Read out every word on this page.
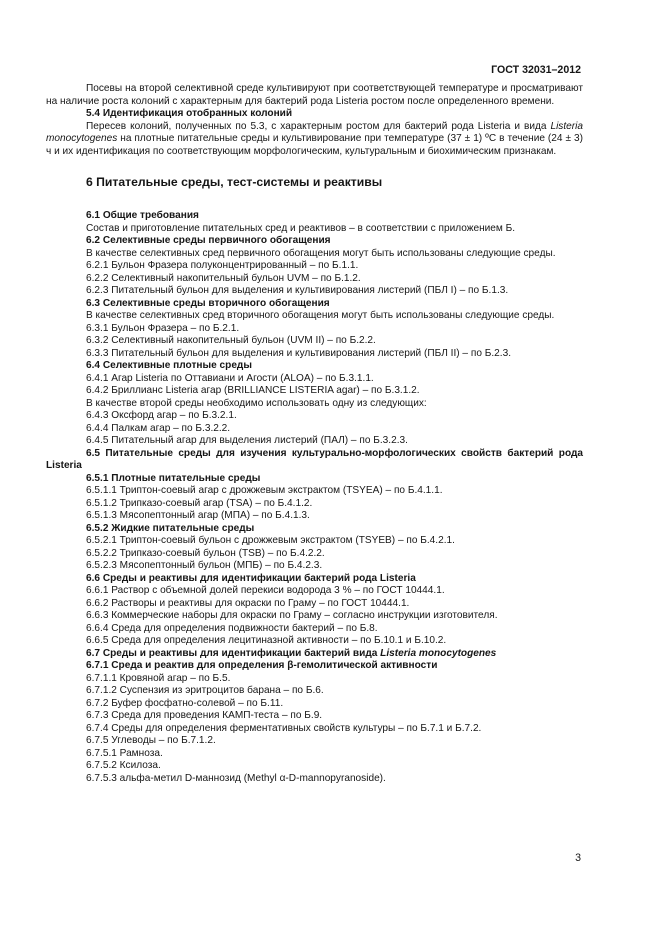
ГОСТ 32031–2012

Посевы на второй селективной среде культивируют при соответствующей температуре и просматривают на наличие роста колоний с характерным для бактерий рода Listeria ростом после определенного времени.

5.4 Идентификация отобранных колоний

Пересев колоний, полученных по 5.3, с характерным ростом для бактерий рода Listeria и вида Listeria monocytogenes на плотные питательные среды и культивирование при температуре (37 ± 1) ºC в течение (24 ± 3) ч и их идентификация по соответствующим морфологическим, культуральным и биохимическим признакам.

6 Питательные среды, тест-системы и реактивы

6.1 Общие требования

Состав и приготовление питательных сред и реактивов – в соответствии с приложением Б.

6.2 Селективные среды первичного обогащения

В качестве селективных сред первичного обогащения могут быть использованы следующие среды.

6.2.1 Бульон Фразера полуконцентрированный – по Б.1.1.

6.2.2 Селективный накопительный бульон UVM – по Б.1.2.

6.2.3 Питательный бульон для выделения и культивирования листерий (ПБЛ I) – по Б.1.3.

6.3 Селективные среды вторичного обогащения

В качестве селективных сред вторичного обогащения могут быть использованы следующие среды.

6.3.1 Бульон Фразера – по Б.2.1.

6.3.2 Селективный накопительный бульон (UVM II) – по Б.2.2.

6.3.3 Питательный бульон для выделения и культивирования листерий (ПБЛ II) – по Б.2.3.

6.4 Селективные плотные среды

6.4.1 Агар Listeria по Оттавиани и Агости (ALOA) – по Б.3.1.1.

6.4.2 Бриллианс Listeria агар (BRILLIANCE LISTERIA agar) – по Б.3.1.2.

В качестве второй среды необходимо использовать одну из следующих:

6.4.3 Оксфорд агар – по Б.3.2.1.

6.4.4 Палкам агар – по Б.3.2.2.

6.4.5 Питательный агар для выделения листерий (ПАЛ) – по Б.3.2.3.

6.5 Питательные среды для изучения культурально-морфологических свойств бактерий рода Listeria

6.5.1 Плотные питательные среды

6.5.1.1 Триптон-соевый агар с дрожжевым экстрактом (TSYEA) – по Б.4.1.1.

6.5.1.2 Трипказо-соевый агар (TSA) – по Б.4.1.2.

6.5.1.3 Мясопептонный агар (МПА) – по Б.4.1.3.

6.5.2 Жидкие питательные среды

6.5.2.1 Триптон-соевый бульон с дрожжевым экстрактом (TSYEB) – по Б.4.2.1.

6.5.2.2 Трипказо-соевый бульон (TSB) – по Б.4.2.2.

6.5.2.3 Мясопептонный бульон (МПБ) – по Б.4.2.3.

6.6 Среды и реактивы для идентификации бактерий рода Listeria

6.6.1 Раствор с объемной долей перекиси водорода 3 % – по ГОСТ 10444.1.

6.6.2 Растворы и реактивы для окраски по Граму – по ГОСТ 10444.1.

6.6.3 Коммерческие наборы для окраски по Граму – согласно инструкции изготовителя.

6.6.4 Среда для определения подвижности бактерий – по Б.8.

6.6.5 Среда для определения лецитиназной активности – по Б.10.1 и Б.10.2.

6.7 Среды и реактивы для идентификации бактерий вида Listeria monocytogenes

6.7.1 Среда и реактив для определения β-гемолитической активности

6.7.1.1 Кровяной агар – по Б.5.

6.7.1.2 Суспензия из эритроцитов барана – по Б.6.

6.7.2 Буфер фосфатно-солевой – по Б.11.

6.7.3 Среда для проведения КАМП-теста – по Б.9.

6.7.4 Среды для определения ферментативных свойств культуры – по Б.7.1 и Б.7.2.

6.7.5 Углеводы – по Б.7.1.2.

6.7.5.1 Рамноза.

6.7.5.2 Ксилоза.

6.7.5.3 альфа-метил D-маннозид (Methyl α-D-mannopyranoside).

3
